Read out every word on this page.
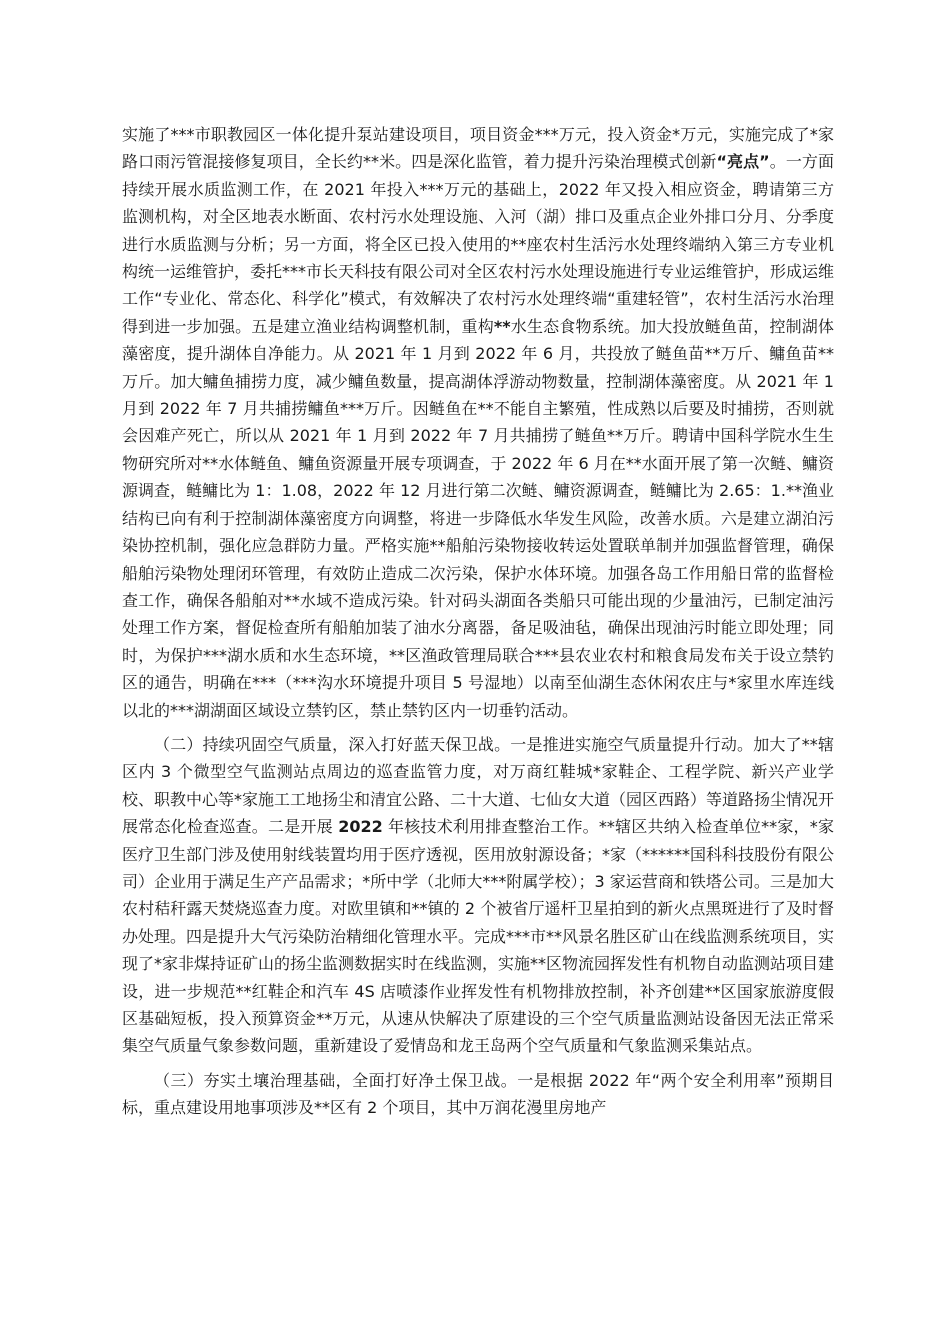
实施了***市职教园区一体化提升泵站建设项目，项目资金***万元，投入资金*万元，实施完成了*家路口雨污管混接修复项目，全长约**米。四是深化监管，着力提升污染治理模式创新“亮点”。一方面持续开展水质监测工作，在 2021 年投入***万元的基础上，2022 年又投入相应资金，聘请第三方监测机构，对全区地表水断面、农村污水处理设施、入河（湖）排口及重点企业外排口分月、分季度进行水质监测与分析；另一方面，将全区已投入使用的**座农村生活污水处理终端纳入第三方专业机构统一运维管护，委托***市长天科技有限公司对全区农村污水处理设施进行专业运维管护，形成运维工作“专业化、常态化、科学化”模式，有效解决了农村污水处理终端“重建轻管”，农村生活污水治理得到进一步加强。五是建立渔业结构调整机制，重构**水生态食物系统。加大投放鲢鱼苗，控制湖体藻密度，提升湖体自净能力。从 2021 年 1 月到 2022 年 6 月，共投放了鲢鱼苗**万斤、鳙鱼苗**万斤。加大鳙鱼捕捞力度，减少鳙鱼数量，提高湖体浮游动物数量，控制湖体藻密度。从 2021 年 1 月到 2022 年 7 月共捕捞鳙鱼***万斤。因鲢鱼在**不能自主繁殖，性成熟以后要及时捕捞，否则就会因难产死亡，所以从 2021 年 1 月到 2022 年 7 月共捕捞了鲢鱼**万斤。聘请中国科学院水生生物研究所对**水体鲢鱼、鳙鱼资源量开展专项调查，于 2022 年 6 月在**水面开展了第一次鲢、鳙资源调查，鲢鳙比为 1：1.08，2022 年 12 月进行第二次鲢、鳙资源调查，鲢鳙比为 2.65：1.**渔业结构已向有利于控制湖体藻密度方向调整，将进一步降低水华发生风险，改善水质。六是建立湖泊污染协控机制，强化应急群防力量。严格实施**船舶污染物接收转运处置联单制并加强监督管理，确保船舶污染物处理闭环管理，有效防止造成二次污染，保护水体环境。加强各岛工作用船日常的监督检查工作，确保各船舶对**水域不造成污染。针对码头湖面各类船只可能出现的少量油污，已制定油污处理工作方案，督促检查所有船舶加装了油水分离器，备足吸油毡，确保出现油污时能立即处理；同时，为保护***湖水质和水生态环境，**区渔政管理局联合***县农业农村和粮食局发布关于设立禁钓区的通告，明确在***（***沟水环境提升项目 5 号湿地）以南至仙湖生态休闲农庄与*家里水库连线以北的***湖湖面区域设立禁钓区，禁止禁钓区内一切垂钓活动。

（二）持续巩固空气质量，深入打好蓝天保卫战。一是推进实施空气质量提升行动。加大了**辖区内 3 个微型空气监测站点周边的巡查监管力度，对万商红鞋城*家鞋企、工程学院、新兴产业学校、职教中心等*家施工工地扬尘和清宜公路、二十大道、七仙女大道（园区西路）等道路扬尘情况开展常态化检查巡查。二是开展 2022 年核技术利用排查整治工作。**辖区共纳入检查单位**家，*家医疗卫生部门涉及使用射线装置均用于医疗透视，医用放射源设备；*家（******国科科技股份有限公司）企业用于满足生产产品需求；*所中学（北师大***附属学校）；3 家运营商和铁塔公司。三是加大农村秸秆露天焚烧巡查力度。对欧里镇和**镇的 2 个被省厅遥杆卫星拍到的新火点黑斑进行了及时督办处理。四是提升大气污染防治精细化管理水平。完成***市**风景名胜区矿山在线监测系统项目，实现了*家非煤持证矿山的扬尘监测数据实时在线监测，实施**区物流园挥发性有机物自动监测站项目建设，进一步规范**红鞋企和汽车 4S 店喷漆作业挥发性有机物排放控制，补齐创建**区国家旅游度假区基础短板，投入预算资金**万元，从速从快解决了原建设的三个空气质量监测站设备因无法正常采集空气质量气象参数问题，重新建设了爱情岛和龙王岛两个空气质量和气象监测采集站点。

（三）夯实土壤治理基础，全面打好净土保卫战。一是根据 2022 年“两个安全利用率”预期目标，重点建设用地事项涉及**区有 2 个项目，其中万润花漫里房地产
